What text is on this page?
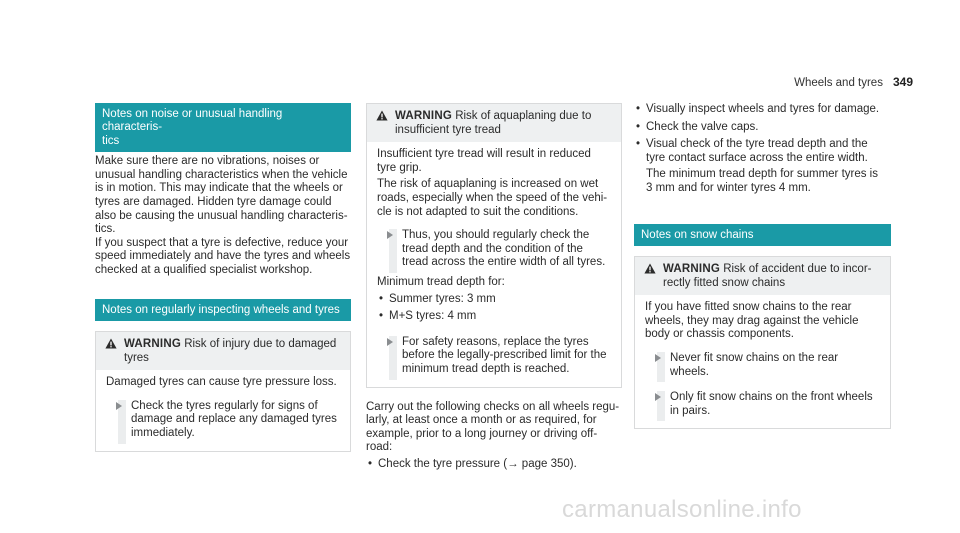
Wheels and tyres 349
Notes on noise or unusual handling characteris-
tics
Make sure there are no vibrations, noises or
unusual handling characteristics when the vehicle
is in motion. This may indicate that the wheels or
tyres are damaged. Hidden tyre damage could
also be causing the unusual handling characteris-
tics.
If you suspect that a tyre is defective, reduce your
speed immediately and have the tyres and wheels
checked at a qualified specialist workshop.
Notes on regularly inspecting wheels and tyres
WARNING Risk of injury due to damaged
tyres
Damaged tyres can cause tyre pressure loss.
Check the tyres regularly for signs of
damage and replace any damaged tyres
immediately.
WARNING Risk of aquaplaning due to
insufficient tyre tread
Insufficient tyre tread will result in reduced
tyre grip.
The risk of aquaplaning is increased on wet
roads, especially when the speed of the vehi-
cle is not adapted to suit the conditions.
Thus, you should regularly check the
tread depth and the condition of the
tread across the entire width of all tyres.
Minimum tread depth for:
• Summer tyres: 3 mm
• M+S tyres: 4 mm
For safety reasons, replace the tyres
before the legally-prescribed limit for the
minimum tread depth is reached.
Carry out the following checks on all wheels regu-
larly, at least once a month or as required, for
example, prior to a long journey or driving off-
road:
• Check the tyre pressure (→ page 350).
• Visually inspect wheels and tyres for damage.
• Check the valve caps.
• Visual check of the tyre tread depth and the
tyre contact surface across the entire width.
The minimum tread depth for summer tyres is
3 mm and for winter tyres 4 mm.
Notes on snow chains
WARNING Risk of accident due to incor-
rectly fitted snow chains
If you have fitted snow chains to the rear
wheels, they may drag against the vehicle
body or chassis components.
Never fit snow chains on the rear
wheels.
Only fit snow chains on the front wheels
in pairs.
carmanualsonline.info
